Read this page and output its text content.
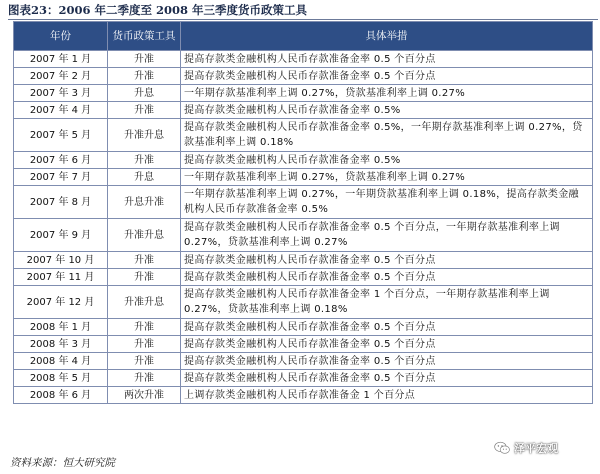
图表23：2006 年二季度至 2008 年三季度货币政策工具
年份	货币政策工具	具体举措
2007 年 1 月	升准	提高存款类金融机构人民币存款准备金率 0.5 个百分点
2007 年 2 月	升准	提高存款类金融机构人民币存款准备金率 0.5 个百分点
2007 年 3 月	升息	一年期存款基准利率上调 0.27%，贷款基准利率上调 0.27%
2007 年 4 月	升准	提高存款类金融机构人民币存款准备金率 0.5%
2007 年 5 月	升准升息	提高存款类金融机构人民币存款准备金率 0.5%，一年期存款基准利率上调 0.27%，贷款基准利率上调 0.18%
2007 年 6 月	升准	提高存款类金融机构人民币存款准备金率 0.5%
2007 年 7 月	升息	一年期存款基准利率上调 0.27%，贷款基准利率上调 0.27%
2007 年 8 月	升息升准	一年期存款基准利率上调 0.27%，一年期贷款基准利率上调 0.18%，提高存款类金融机构人民币存款准备金率 0.5%
2007 年 9 月	升准升息	提高存款类金融机构人民币存款准备金率 0.5 个百分点，一年期存款基准利率上调 0.27%，贷款基准利率上调 0.27%
2007 年 10 月	升准	提高存款类金融机构人民币存款准备金率 0.5 个百分点
2007 年 11 月	升准	提高存款类金融机构人民币存款准备金率 0.5 个百分点
2007 年 12 月	升准升息	提高存款类金融机构人民币存款准备金率 1 个百分点，一年期存款基准利率上调 0.27%，贷款基准利率上调 0.18%
2008 年 1 月	升准	提高存款类金融机构人民币存款准备金率 0.5 个百分点
2008 年 3 月	升准	提高存款类金融机构人民币存款准备金率 0.5 个百分点
2008 年 4 月	升准	提高存款类金融机构人民币存款准备金率 0.5 个百分点
2008 年 5 月	升准	提高存款类金融机构人民币存款准备金率 0.5 个百分点
2008 年 6 月	两次升准	上调存款类金融机构人民币存款准备金 1 个百分点
资料来源：恒大研究院
泽平宏观
